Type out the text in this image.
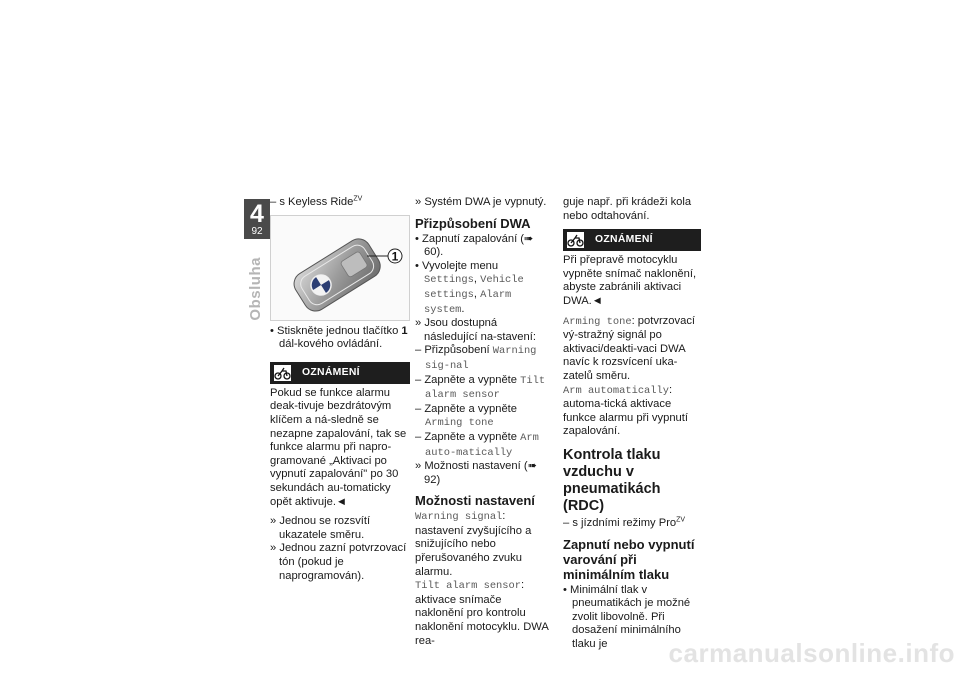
4
92
Obsluha

– s Keyless Ride$^{ZV}$

1

• Stiskněte jednou tlačítko 1 dál-kového ovládání.

OZNÁMENÍ

Pokud se funkce alarmu deak-tivuje bezdrátovým klíčem a ná-sledně se nezapne zapalování, tak se funkce alarmu při napro-gramované „Aktivaci po vypnutí zapalování" po 30 sekundách au-tomaticky opět aktivuje.◄

» Jednou se rozsvítí ukazatele směru.

» Jednou zazní potvrzovací tón (pokud je naprogramován).

» Systém DWA je vypnutý.

Přizpůsobení DWA

• Zapnutí zapalování (➠ 60).

• Vyvolejte menu Settings, Vehicle settings, Alarm system.

» Jsou dostupná následující na-stavení:

– Přizpůsobení Warning sig-nal

– Zapněte a vypněte Tilt alarm sensor

– Zapněte a vypněte Arming tone

– Zapněte a vypněte Arm auto-matically

» Možnosti nastavení (➠ 92)

Možnosti nastavení

Warning signal: nastavení zvyšujícího a snižujícího nebo přerušovaného zvuku alarmu.

Tilt alarm sensor: aktivace snímače naklonění pro kontrolu naklonění motocyklu. DWA rea-

guje např. při krádeži kola nebo odtahování.

OZNÁMENÍ

Při přepravě motocyklu vypněte snímač naklonění, abyste zabránili aktivaci DWA.◄

Arming tone: potvrzovací vý-stražný signál po aktivaci/deakti-vaci DWA navíc k rozsvícení uka-zatelů směru.

Arm automatically: automa-tická aktivace funkce alarmu při vypnutí zapalování.

Kontrola tlaku vzduchu v pneumatikách (RDC)

– s jízdními režimy Pro$^{ZV}$

Zapnutí nebo vypnutí varování při minimálním tlaku

• Minimální tlak v pneumatikách je možné zvolit libovolně. Při dosažení minimálního tlaku je	carmanualsonline.info
